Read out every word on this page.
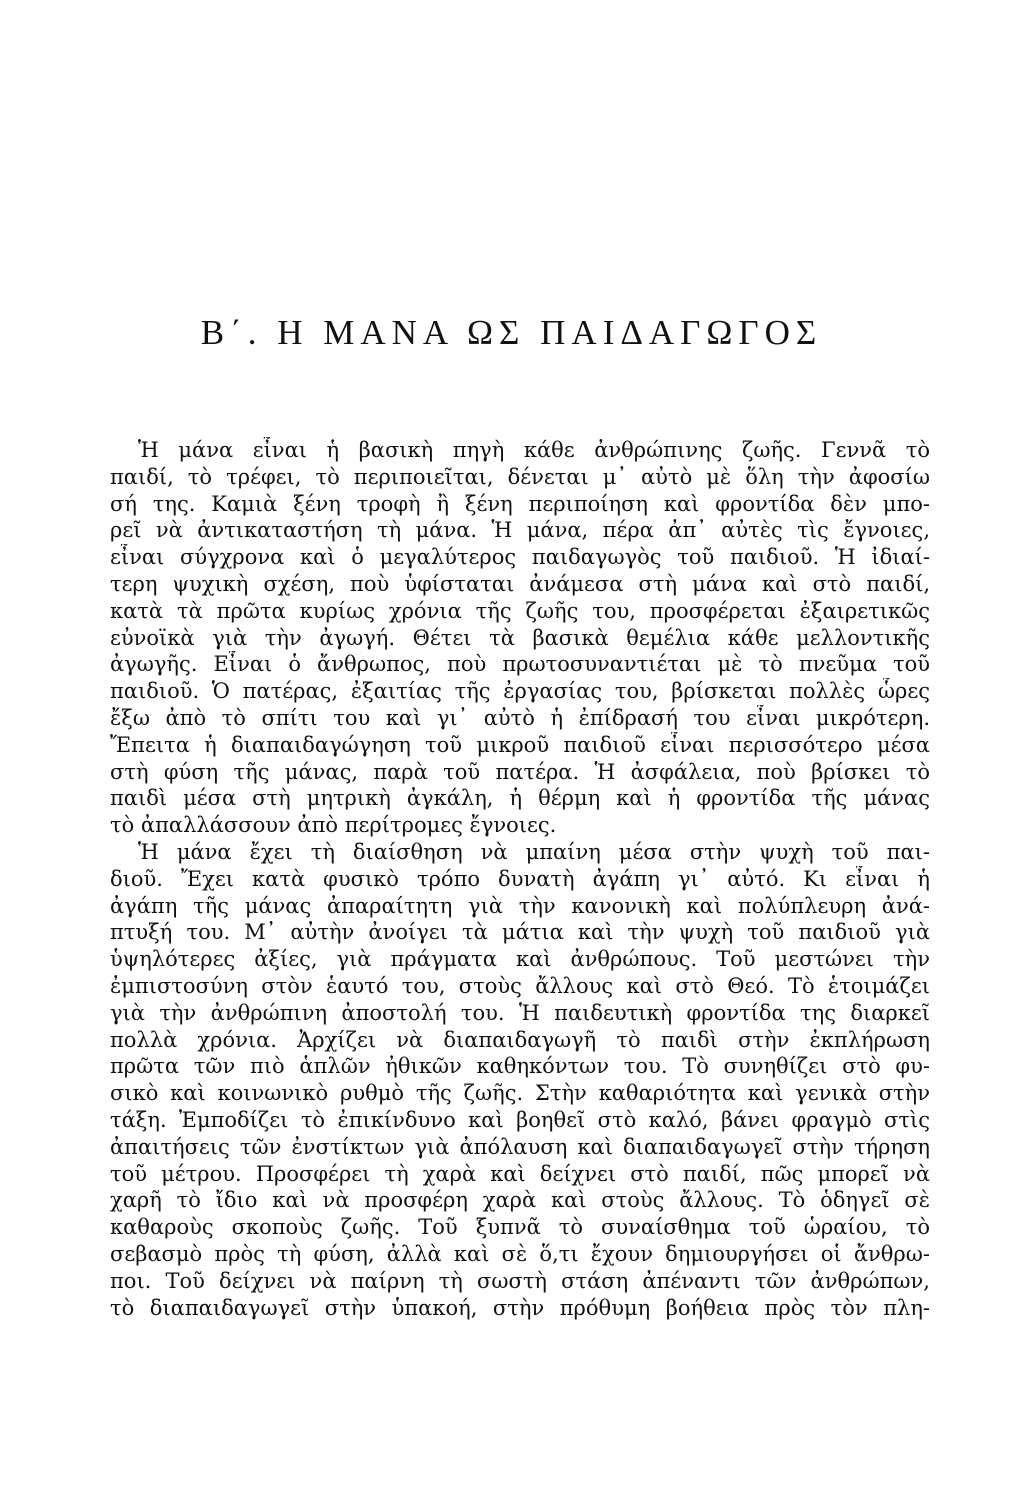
Β΄. Η ΜΑΝΑ ΩΣ ΠΑΙΔΑΓΩΓΟΣ
Ἡ μάνα εἶναι ἡ βασικὴ πηγὴ κάθε ἀνθρώπινης ζωῆς. Γεννᾶ τὸ
παιδί, τὸ τρέφει, τὸ περιποιεῖται, δένεται μ᾽ αὐτὸ μὲ ὅλη τὴν ἀφοσίω
σή της. Καμιὰ ξένη τροφὴ ἢ ξένη περιποίηση καὶ φροντίδα δὲν μπο-
ρεῖ νὰ ἀντικαταστήση τὴ μάνα. Ἡ μάνα, πέρα ἀπ᾽ αὐτὲς τὶς ἔγνοιες,
εἶναι σύγχρονα καὶ ὁ μεγαλύτερος παιδαγωγὸς τοῦ παιδιοῦ. Ἡ ἰδιαί-
τερη ψυχικὴ σχέση, ποὺ ὑφίσταται ἀνάμεσα στὴ μάνα καὶ στὸ παιδί,
κατὰ τὰ πρῶτα κυρίως χρόνια τῆς ζωῆς του, προσφέρεται ἐξαιρετικῶς
εὐνοϊκὰ γιὰ τὴν ἀγωγή. Θέτει τὰ βασικὰ θεμέλια κάθε μελλοντικῆς
ἀγωγῆς. Εἶναι ὁ ἄνθρωπος, ποὺ πρωτοσυναντιέται μὲ τὸ πνεῦμα τοῦ
παιδιοῦ. Ὁ πατέρας, ἐξαιτίας τῆς ἐργασίας του, βρίσκεται πολλὲς ὧρες
ἔξω ἀπὸ τὸ σπίτι του καὶ γι᾽ αὐτὸ ἡ ἐπίδρασή του εἶναι μικρότερη.
Ἔπειτα ἡ διαπαιδαγώγηση τοῦ μικροῦ παιδιοῦ εἶναι περισσότερο μέσα
στὴ φύση τῆς μάνας, παρὰ τοῦ πατέρα. Ἡ ἀσφάλεια, ποὺ βρίσκει τὸ
παιδὶ μέσα στὴ μητρικὴ ἀγκάλη, ἡ θέρμη καὶ ἡ φροντίδα τῆς μάνας
τὸ ἀπαλλάσσουν ἀπὸ περίτρομες ἔγνοιες.
Ἡ μάνα ἔχει τὴ διαίσθηση νὰ μπαίνη μέσα στὴν ψυχὴ τοῦ παι-
διοῦ. Ἔχει κατὰ φυσικὸ τρόπο δυνατὴ ἀγάπη γι᾽ αὐτό. Κι εἶναι ἡ
ἀγάπη τῆς μάνας ἀπαραίτητη γιὰ τὴν κανονικὴ καὶ πολύπλευρη ἀνά-
πτυξή του. Μ᾽ αὐτὴν ἀνοίγει τὰ μάτια καὶ τὴν ψυχὴ τοῦ παιδιοῦ γιὰ
ὑψηλότερες ἀξίες, γιὰ πράγματα καὶ ἀνθρώπους. Τοῦ μεστώνει τὴν
ἐμπιστοσύνη στὸν ἑαυτό του, στοὺς ἄλλους καὶ στὸ Θεό. Τὸ ἑτοιμάζει
γιὰ τὴν ἀνθρώπινη ἀποστολή του. Ἡ παιδευτικὴ φροντίδα της διαρκεῖ
πολλὰ χρόνια. Ἀρχίζει νὰ διαπαιδαγωγῆ τὸ παιδὶ στὴν ἐκπλήρωση
πρῶτα τῶν πιὸ ἁπλῶν ἠθικῶν καθηκόντων του. Τὸ συνηθίζει στὸ φυ-
σικὸ καὶ κοινωνικὸ ρυθμὸ τῆς ζωῆς. Στὴν καθαριότητα καὶ γενικὰ στὴν
τάξη. Ἐμποδίζει τὸ ἐπικίνδυνο καὶ βοηθεῖ στὸ καλό, βάνει φραγμὸ στὶς
ἀπαιτήσεις τῶν ἐνστίκτων γιὰ ἀπόλαυση καὶ διαπαιδαγωγεῖ στὴν τήρηση
τοῦ μέτρου. Προσφέρει τὴ χαρὰ καὶ δείχνει στὸ παιδί, πῶς μπορεῖ νὰ
χαρῆ τὸ ἴδιο καὶ νὰ προσφέρη χαρὰ καὶ στοὺς ἄλλους. Τὸ ὁδηγεῖ σὲ
καθαροὺς σκοποὺς ζωῆς. Τοῦ ξυπνᾶ τὸ συναίσθημα τοῦ ὡραίου, τὸ
σεβασμὸ πρὸς τὴ φύση, ἀλλὰ καὶ σὲ ὅ,τι ἔχουν δημιουργήσει οἱ ἄνθρω-
ποι. Τοῦ δείχνει νὰ παίρνη τὴ σωστὴ στάση ἀπέναντι τῶν ἀνθρώπων,
τὸ διαπαιδαγωγεῖ στὴν ὑπακοή, στὴν πρόθυμη βοήθεια πρὸς τὸν πλη-
